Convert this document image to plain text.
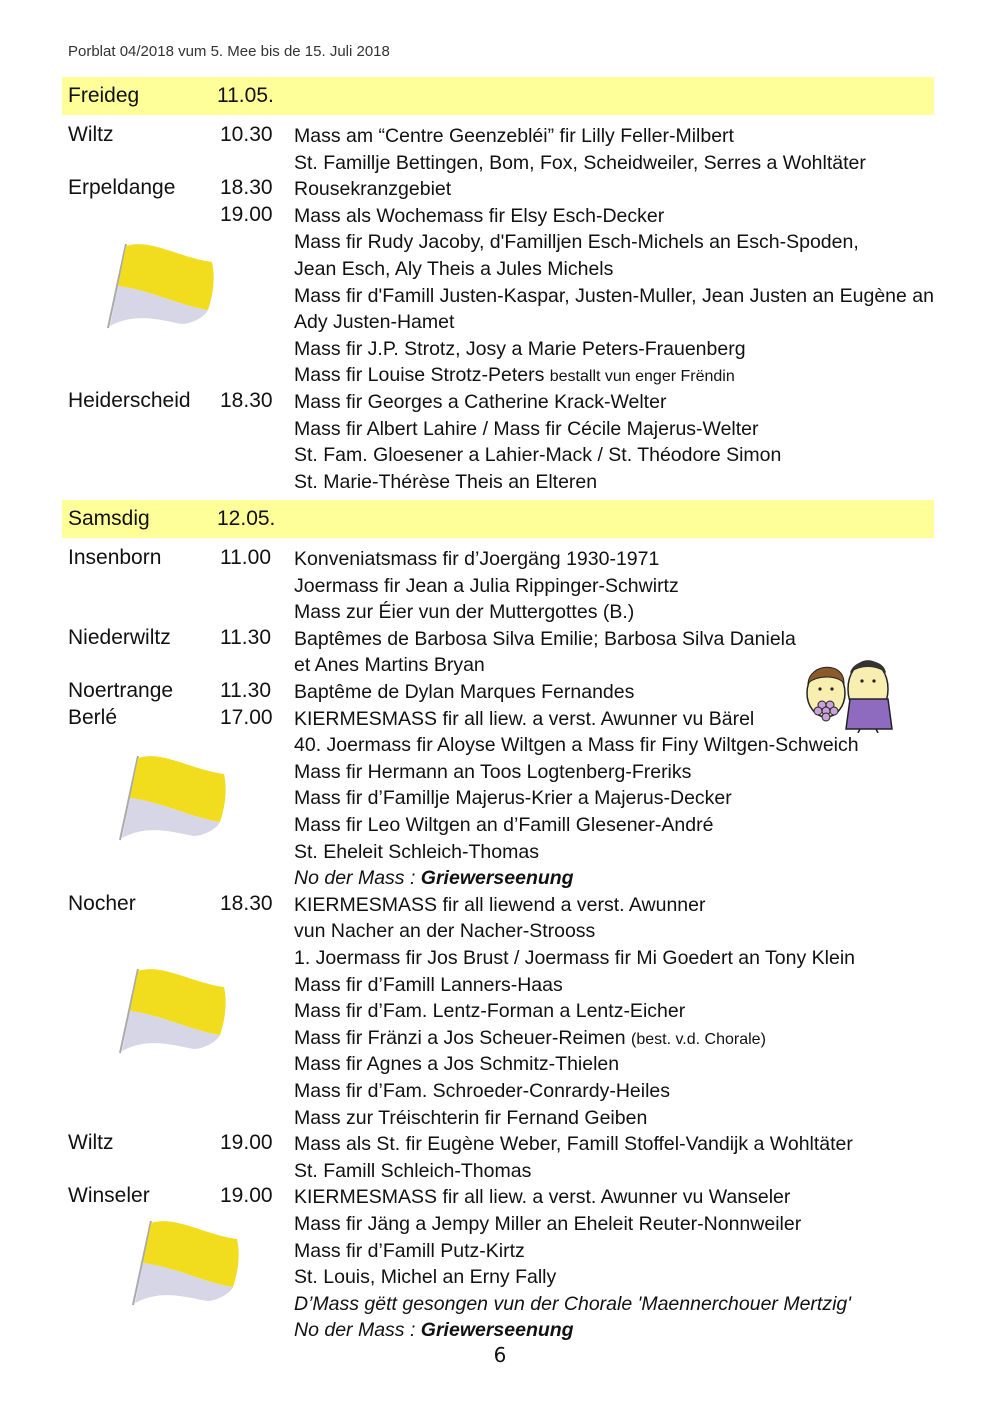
Porblat 04/2018 vum 5. Mee bis de 15. Juli 2018
Freideg	11.05.
Samsdig	12.05.
Wiltz
Erpeldange
Heiderscheid
Insenborn
Niederwiltz
Noertrange
Berlé
Nocher
Wiltz
Winseler
10.30
18.30
19.00
18.30
11.00
11.30
11.30
17.00
18.30
19.00
19.00
Mass am “Centre Geenzebléi” fir Lilly Feller-Milbert
St. Famillje Bettingen, Bom, Fox, Scheidweiler, Serres a Wohltäter
Rousekranzgebiet
Mass als Wochemass fir Elsy Esch-Decker
Mass fir Rudy Jacoby, d'Familljen Esch-Michels an Esch-Spoden,
Jean Esch, Aly Theis a Jules Michels
Mass fir d'Famill Justen-Kaspar, Justen-Muller, Jean Justen an Eugène an
Ady Justen-Hamet
Mass fir J.P. Strotz, Josy a Marie Peters-Frauenberg
Mass fir Louise Strotz-Peters bestallt vun enger Frëndin
Mass fir Georges a Catherine Krack-Welter
Mass fir Albert Lahire / Mass fir Cécile Majerus-Welter
St. Fam. Gloesener a Lahier-Mack / St. Théodore Simon
St. Marie-Thérèse Theis an Elteren
Konveniatsmass fir d’Joergäng 1930-1971
Joermass fir Jean a Julia Rippinger-Schwirtz
Mass zur Éier vun der Muttergottes (B.)
Baptêmes de Barbosa Silva Emilie; Barbosa Silva Daniela
et Anes Martins Bryan
Baptême de Dylan Marques Fernandes
KIERMESMASS fir all liew. a verst. Awunner vu Bärel
40. Joermass fir Aloyse Wiltgen a Mass fir Finy Wiltgen-Schweich
Mass fir Hermann an Toos Logtenberg-Freriks
Mass fir d’Famillje Majerus-Krier a Majerus-Decker
Mass fir Leo Wiltgen an d’Famill Glesener-André
St. Eheleit Schleich-Thomas
No der Mass : Griewerseenung
KIERMESMASS fir all liewend a verst. Awunner
vun Nacher an der Nacher-Strooss
1. Joermass fir Jos Brust / Joermass fir Mi Goedert an Tony Klein
Mass fir d’Famill Lanners-Haas
Mass fir d’Fam. Lentz-Forman a Lentz-Eicher
Mass fir Fränzi a Jos Scheuer-Reimen (best. v.d. Chorale)
Mass fir Agnes a Jos Schmitz-Thielen
Mass fir d’Fam. Schroeder-Conrardy-Heiles
Mass zur Tréischterin fir Fernand Geiben
Mass als St. fir Eugène Weber, Famill Stoffel-Vandijk a Wohltäter
St. Famill Schleich-Thomas
KIERMESMASS fir all liew. a verst. Awunner vu Wanseler
Mass fir Jäng a Jempy Miller an Eheleit Reuter-Nonnweiler
Mass fir d’Famill Putz-Kirtz
St. Louis, Michel an Erny Fally
D’Mass gëtt gesongen vun der Chorale 'Maennerchouer Mertzig'
No der Mass : Griewerseenung
6
